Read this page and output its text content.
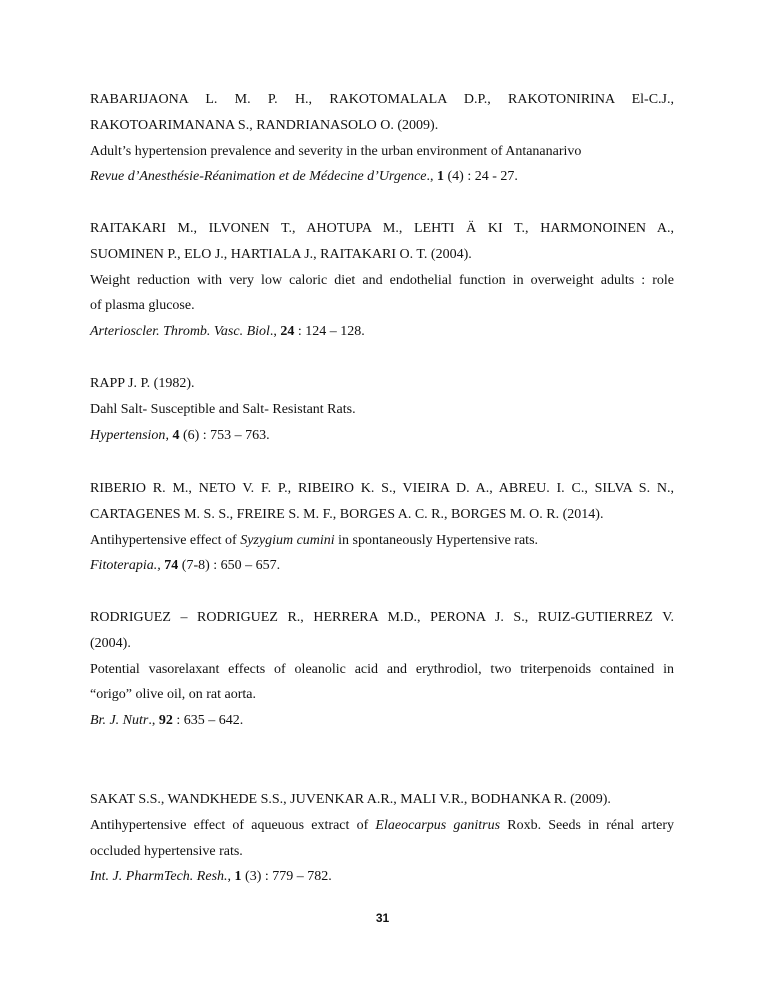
RABARIJAONA L. M. P. H., RAKOTOMALALA D.P., RAKOTONIRINA El-C.J.,
RAKOTOARIMANANA S., RANDRIANASOLO O. (2009).
Adult’s hypertension prevalence and severity in the urban environment of Antananarivo
Revue d’Anesthésie-Réanimation et de Médecine d’Urgence., 1 (4) : 24 - 27.
RAITAKARI M., ILVONEN T., AHOTUPA M., LEHTI Ä KI T., HARMONOINEN A.,
SUOMINEN P., ELO J., HARTIALA J., RAITAKARI O. T. (2004).
Weight reduction with very low caloric diet and endothelial function in overweight adults : role
of plasma glucose.
Arterioscler. Thromb. Vasc. Biol., 24 : 124 – 128.
RAPP J. P. (1982).
Dahl Salt- Susceptible and Salt- Resistant Rats.
Hypertension, 4 (6) : 753 – 763.
RIBERIO R. M., NETO V. F. P., RIBEIRO K. S., VIEIRA D. A., ABREU. I. C., SILVA S. N.,
CARTAGENES M. S. S., FREIRE S. M. F., BORGES A. C. R., BORGES M. O. R. (2014).
Antihypertensive effect of Syzygium cumini in spontaneously Hypertensive rats.
Fitoterapia., 74 (7-8) : 650 – 657.
RODRIGUEZ – RODRIGUEZ R., HERRERA M.D., PERONA J. S., RUIZ-GUTIERREZ V.
(2004).
Potential vasorelaxant effects of oleanolic acid and erythrodiol, two triterpenoids contained in
“origo” olive oil, on rat aorta.
Br. J. Nutr., 92 : 635 – 642.
SAKAT S.S., WANDKHEDE S.S., JUVENKAR A.R., MALI V.R., BODHANKA R. (2009).
Antihypertensive effect of aqueuous extract of Elaeocarpus ganitrus Roxb. Seeds in rénal artery
occluded hypertensive rats.
Int. J. PharmTech. Resh., 1 (3) : 779 – 782.
31
